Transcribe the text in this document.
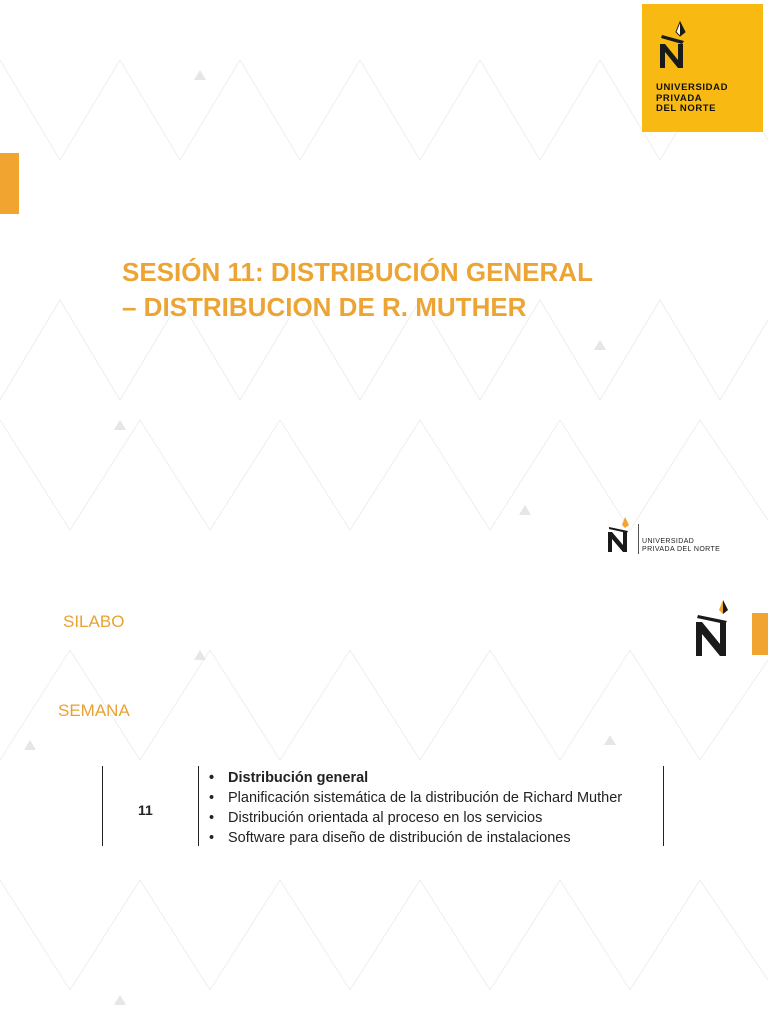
UNIVERSIDAD
PRIVADA
DEL NORTE
SESIÓN 11: DISTRIBUCIÓN GENERAL
– DISTRIBUCION DE R. MUTHER
UNIVERSIDAD
PRIVADA DEL NORTE
SILABO
SEMANA
11
• Distribución general
• Planificación sistemática de la distribución de Richard Muther
• Distribución orientada al proceso en los servicios
• Software para diseño de distribución de instalaciones
